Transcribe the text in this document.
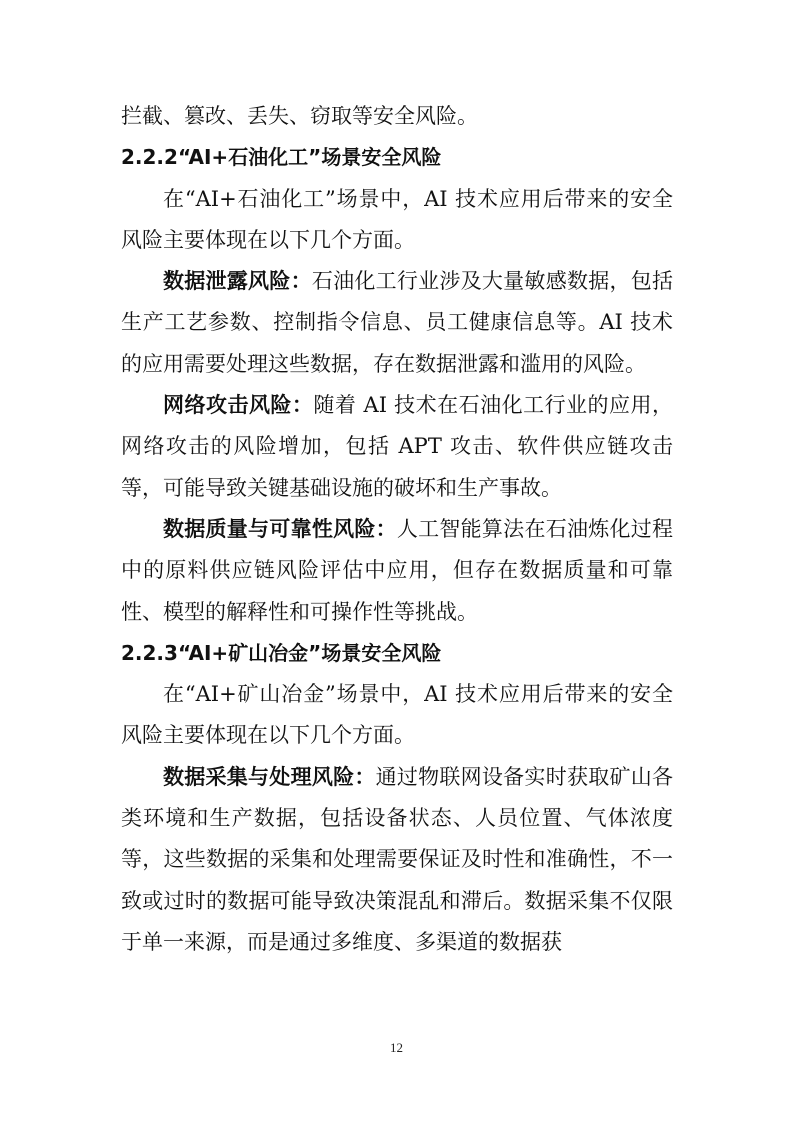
拦截、篡改、丢失、窃取等安全风险。

2.2.2“AI+石油化工”场景安全风险

在“AI+石油化工”场景中，AI 技术应用后带来的安全风险主要体现在以下几个方面。

数据泄露风险：石油化工行业涉及大量敏感数据，包括生产工艺参数、控制指令信息、员工健康信息等。AI 技术的应用需要处理这些数据，存在数据泄露和滥用的风险。

网络攻击风险：随着 AI 技术在石油化工行业的应用，网络攻击的风险增加，包括 APT 攻击、软件供应链攻击等，可能导致关键基础设施的破坏和生产事故。

数据质量与可靠性风险：人工智能算法在石油炼化过程中的原料供应链风险评估中应用，但存在数据质量和可靠性、模型的解释性和可操作性等挑战。

2.2.3“AI+矿山冶金”场景安全风险

在“AI+矿山冶金”场景中，AI 技术应用后带来的安全风险主要体现在以下几个方面。

数据采集与处理风险：通过物联网设备实时获取矿山各类环境和生产数据，包括设备状态、人员位置、气体浓度等，这些数据的采集和处理需要保证及时性和准确性，不一致或过时的数据可能导致决策混乱和滞后。数据采集不仅限于单一来源，而是通过多维度、多渠道的数据获

12
